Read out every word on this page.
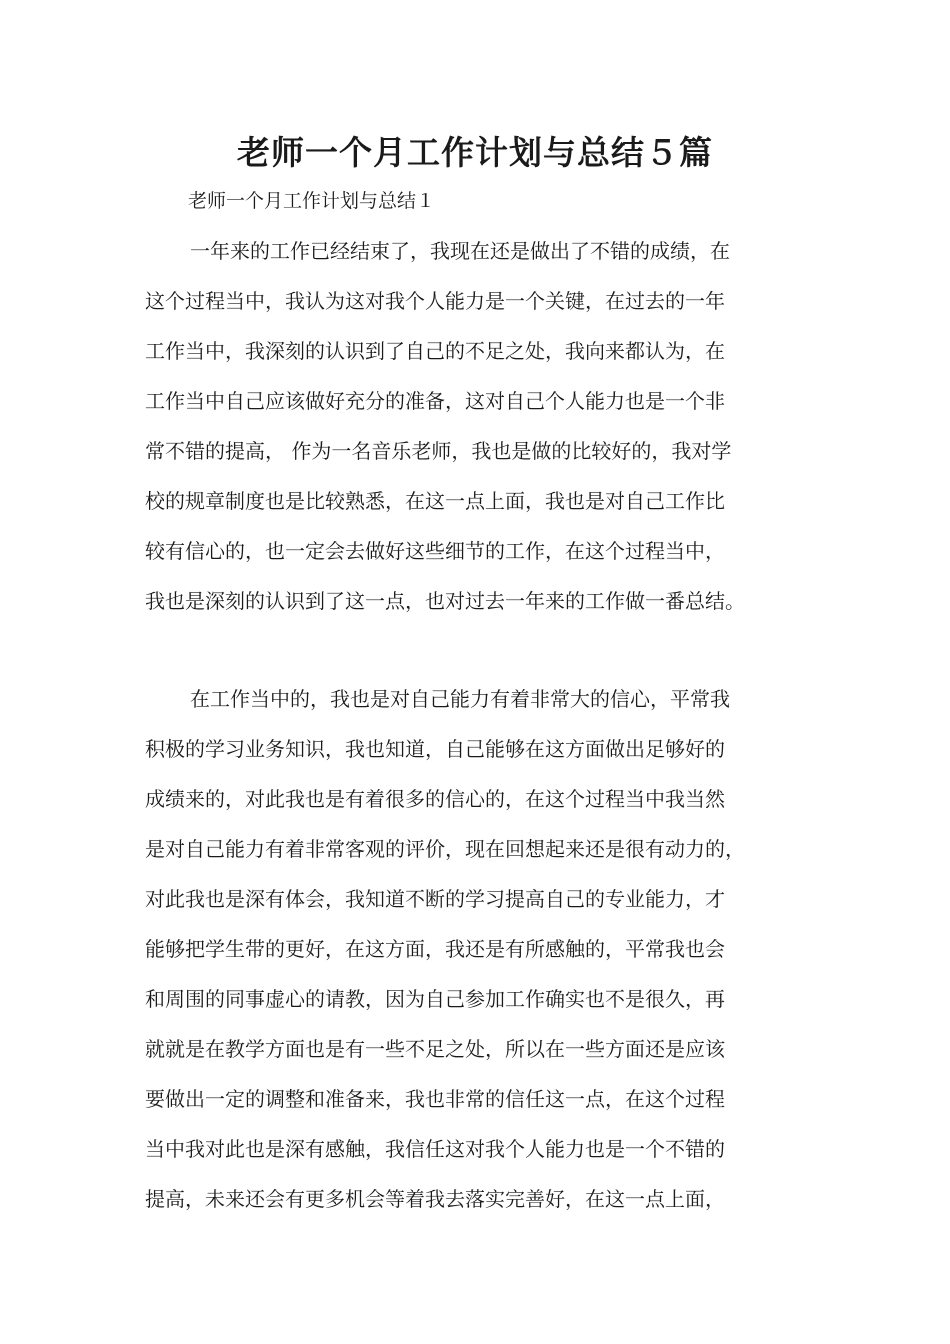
老师一个月工作计划与总结５篇

老师一个月工作计划与总结１

一年来的工作已经结束了，我现在还是做出了不错的成绩，在

这个过程当中，我认为这对我个人能力是一个关键，在过去的一年

工作当中，我深刻的认识到了自己的不足之处，我向来都认为，在

工作当中自己应该做好充分的准备，这对自己个人能力也是一个非

常不错的提高， 作为一名音乐老师，我也是做的比较好的，我对学

校的规章制度也是比较熟悉，在这一点上面，我也是对自己工作比

较有信心的，也一定会去做好这些细节的工作，在这个过程当中，

我也是深刻的认识到了这一点，也对过去一年来的工作做一番总结。

在工作当中的，我也是对自己能力有着非常大的信心，平常我

积极的学习业务知识，我也知道，自己能够在这方面做出足够好的

成绩来的，对此我也是有着很多的信心的，在这个过程当中我当然

是对自己能力有着非常客观的评价，现在回想起来还是很有动力的，

对此我也是深有体会，我知道不断的学习提高自己的专业能力，才

能够把学生带的更好，在这方面，我还是有所感触的，平常我也会

和周围的同事虚心的请教，因为自己参加工作确实也不是很久，再

就就是在教学方面也是有一些不足之处，所以在一些方面还是应该

要做出一定的调整和准备来，我也非常的信任这一点，在这个过程

当中我对此也是深有感触，我信任这对我个人能力也是一个不错的

提高，未来还会有更多机会等着我去落实完善好，在这一点上面，
